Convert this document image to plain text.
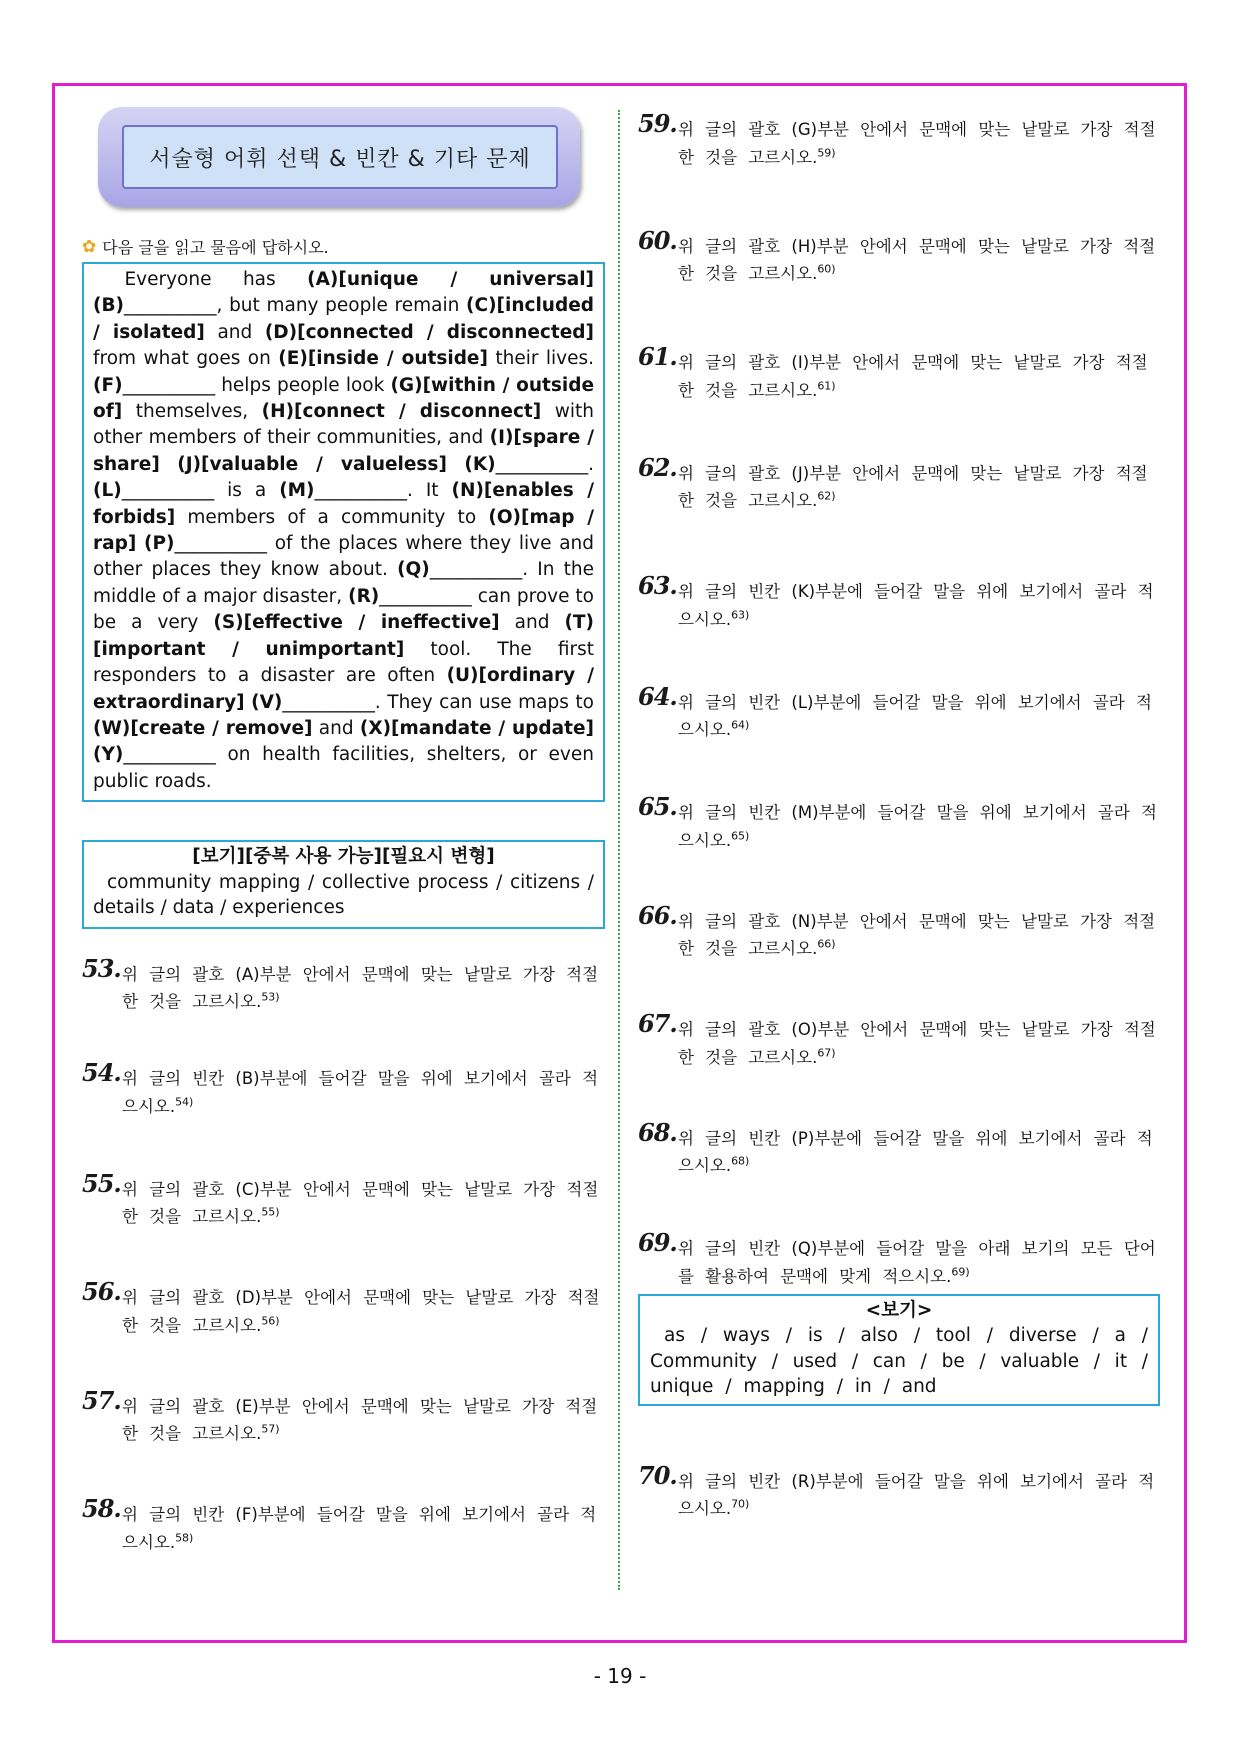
서술형 어휘 선택 & 빈칸 & 기타 문제
✿ 다음 글을 읽고 물음에 답하시오.
Everyone has (A)[unique / universal] (B)__________, but many people remain (C)[included / isolated] and (D)[connected / disconnected] from what goes on (E)[inside / outside] their lives. (F)__________ helps people look (G)[within / outside of] themselves, (H)[connect / disconnect] with other members of their communities, and (I)[spare / share] (J)[valuable / valueless] (K)__________. (L)__________ is a (M)__________. It (N)[enables / forbids] members of a community to (O)[map / rap] (P)__________ of the places where they live and other places they know about. (Q)__________. In the middle of a major disaster, (R)__________ can prove to be a very (S)[effective / ineffective] and (T)[important / unimportant] tool. The first responders to a disaster are often (U)[ordinary / extraordinary] (V)__________. They can use maps to (W)[create / remove] and (X)[mandate / update] (Y)__________ on health facilities, shelters, or even public roads.
[보기][중복 사용 가능][필요시 변형]
community mapping / collective process / citizens / details / data / experiences
53. 위 글의 괄호 (A)부분 안에서 문맥에 맞는 낱말로 가장 적절한 것을 고르시오.$^{53)}$
54. 위 글의 빈칸 (B)부분에 들어갈 말을 위에 보기에서 골라 적으시오.$^{54)}$
55. 위 글의 괄호 (C)부분 안에서 문맥에 맞는 낱말로 가장 적절한 것을 고르시오.$^{55)}$
56. 위 글의 괄호 (D)부분 안에서 문맥에 맞는 낱말로 가장 적절한 것을 고르시오.$^{56)}$
57. 위 글의 괄호 (E)부분 안에서 문맥에 맞는 낱말로 가장 적절한 것을 고르시오.$^{57)}$
58. 위 글의 빈칸 (F)부분에 들어갈 말을 위에 보기에서 골라 적으시오.$^{58)}$
59. 위 글의 괄호 (G)부분 안에서 문맥에 맞는 낱말로 가장 적절한 것을 고르시오.$^{59)}$
60. 위 글의 괄호 (H)부분 안에서 문맥에 맞는 낱말로 가장 적절한 것을 고르시오.$^{60)}$
61. 위 글의 괄호 (I)부분 안에서 문맥에 맞는 낱말로 가장 적절한 것을 고르시오.$^{61)}$
62. 위 글의 괄호 (J)부분 안에서 문맥에 맞는 낱말로 가장 적절한 것을 고르시오.$^{62)}$
63. 위 글의 빈칸 (K)부분에 들어갈 말을 위에 보기에서 골라 적으시오.$^{63)}$
64. 위 글의 빈칸 (L)부분에 들어갈 말을 위에 보기에서 골라 적으시오.$^{64)}$
65. 위 글의 빈칸 (M)부분에 들어갈 말을 위에 보기에서 골라 적으시오.$^{65)}$
66. 위 글의 괄호 (N)부분 안에서 문맥에 맞는 낱말로 가장 적절한 것을 고르시오.$^{66)}$
67. 위 글의 괄호 (O)부분 안에서 문맥에 맞는 낱말로 가장 적절한 것을 고르시오.$^{67)}$
68. 위 글의 빈칸 (P)부분에 들어갈 말을 위에 보기에서 골라 적으시오.$^{68)}$
69. 위 글의 빈칸 (Q)부분에 들어갈 말을 아래 보기의 모든 단어를 활용하여 문맥에 맞게 적으시오.$^{69)}$
<보기>
as / ways / is / also / tool / diverse / a / Community / used / can / be / valuable / it / unique / mapping / in / and
70. 위 글의 빈칸 (R)부분에 들어갈 말을 위에 보기에서 골라 적으시오.$^{70)}$
- 19 -
